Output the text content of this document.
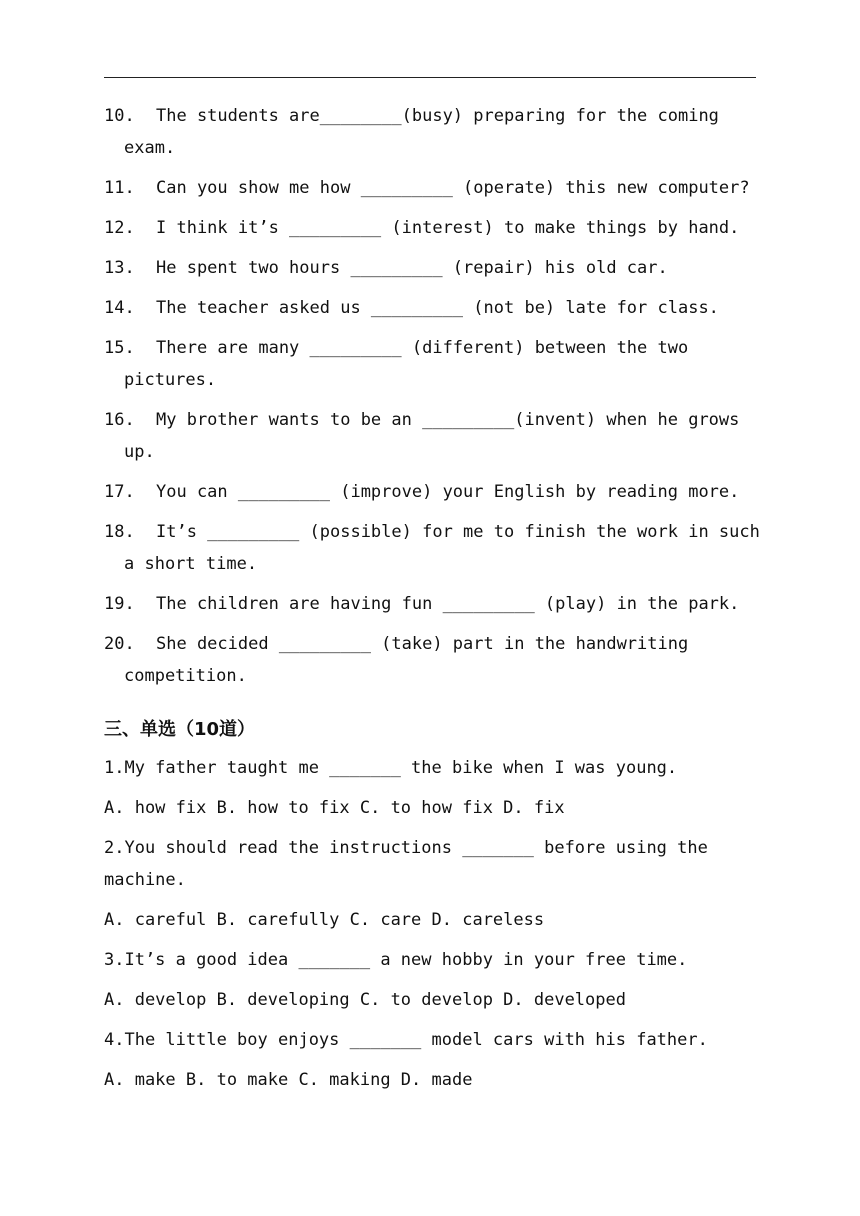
10. The students are________(busy) preparing for the coming exam.
11. Can you show me how _________ (operate) this new computer?
12. I think it’s _________ (interest) to make things by hand.
13. He spent two hours _________ (repair) his old car.
14. The teacher asked us _________ (not be) late for class.
15. There are many _________ (different) between the two pictures.
16. My brother wants to be an _________(invent) when he grows up.
17. You can _________ (improve) your English by reading more.
18. It’s _________ (possible) for me to finish the work in such a short time.
19. The children are having fun _________ (play) in the park.
20. She decided _________ (take) part in the handwriting competition.
三、单选（10道）
1.My father taught me _______ the bike when I was young.
A. how fix B. how to fix C. to how fix D. fix
2.You should read the instructions _______ before using the machine.
A. careful B. carefully C. care D. careless
3.It’s a good idea _______ a new hobby in your free time.
A. develop B. developing C. to develop D. developed
4.The little boy enjoys _______ model cars with his father.
A. make B. to make C. making D. made
